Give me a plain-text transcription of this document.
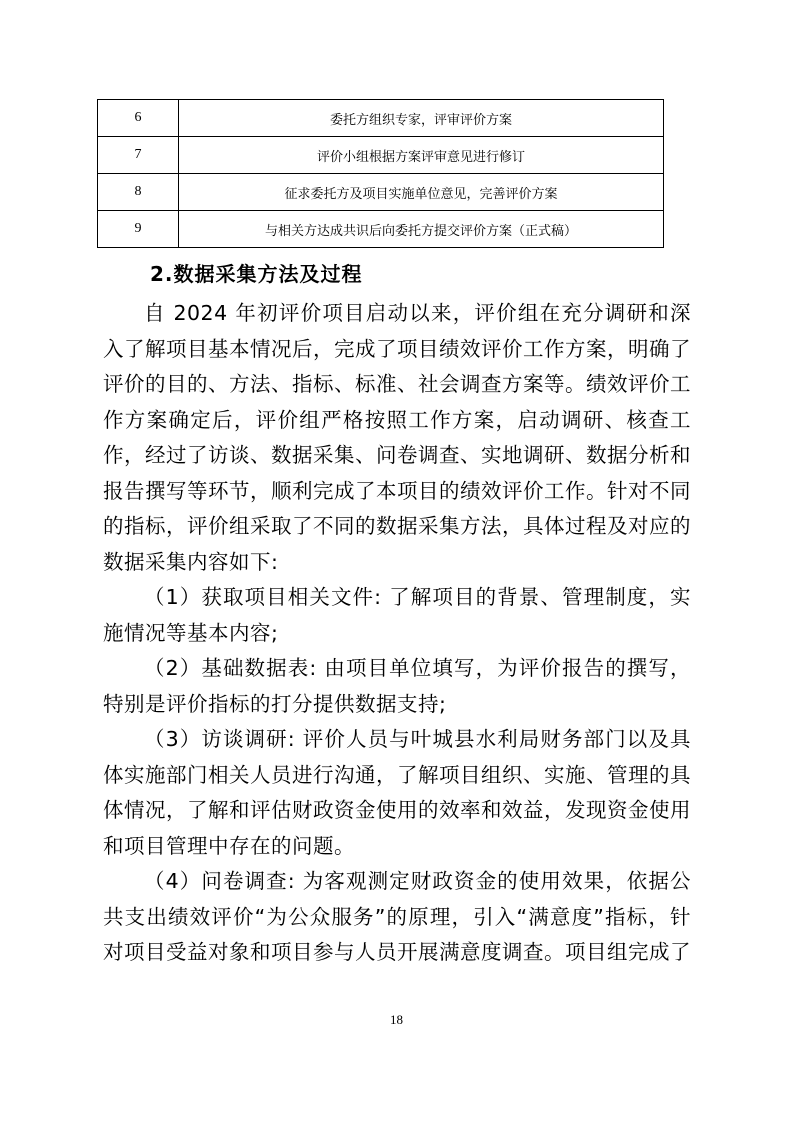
6	委托方组织专家，评审评价方案
7	评价小组根据方案评审意见进行修订
8	征求委托方及项目实施单位意见，完善评价方案
9	与相关方达成共识后向委托方提交评价方案（正式稿）
2.数据采集方法及过程

自 2024 年初评价项目启动以来，评价组在充分调研和深入了解项目基本情况后，完成了项目绩效评价工作方案，明确了评价的目的、方法、指标、标准、社会调查方案等。绩效评价工作方案确定后，评价组严格按照工作方案，启动调研、核查工作，经过了访谈、数据采集、问卷调查、实地调研、数据分析和报告撰写等环节，顺利完成了本项目的绩效评价工作。针对不同的指标，评价组采取了不同的数据采集方法，具体过程及对应的数据采集内容如下:

（1）获取项目相关文件: 了解项目的背景、管理制度，实施情况等基本内容;

（2）基础数据表: 由项目单位填写，为评价报告的撰写，特别是评价指标的打分提供数据支持;

（3）访谈调研: 评价人员与叶城县水利局财务部门以及具体实施部门相关人员进行沟通，了解项目组织、实施、管理的具体情况，了解和评估财政资金使用的效率和效益，发现资金使用和项目管理中存在的问题。

（4）问卷调查: 为客观测定财政资金的使用效果，依据公共支出绩效评价“为公众服务”的原理，引入“满意度”指标，针对项目受益对象和项目参与人员开展满意度调查。项目组完成了

18
